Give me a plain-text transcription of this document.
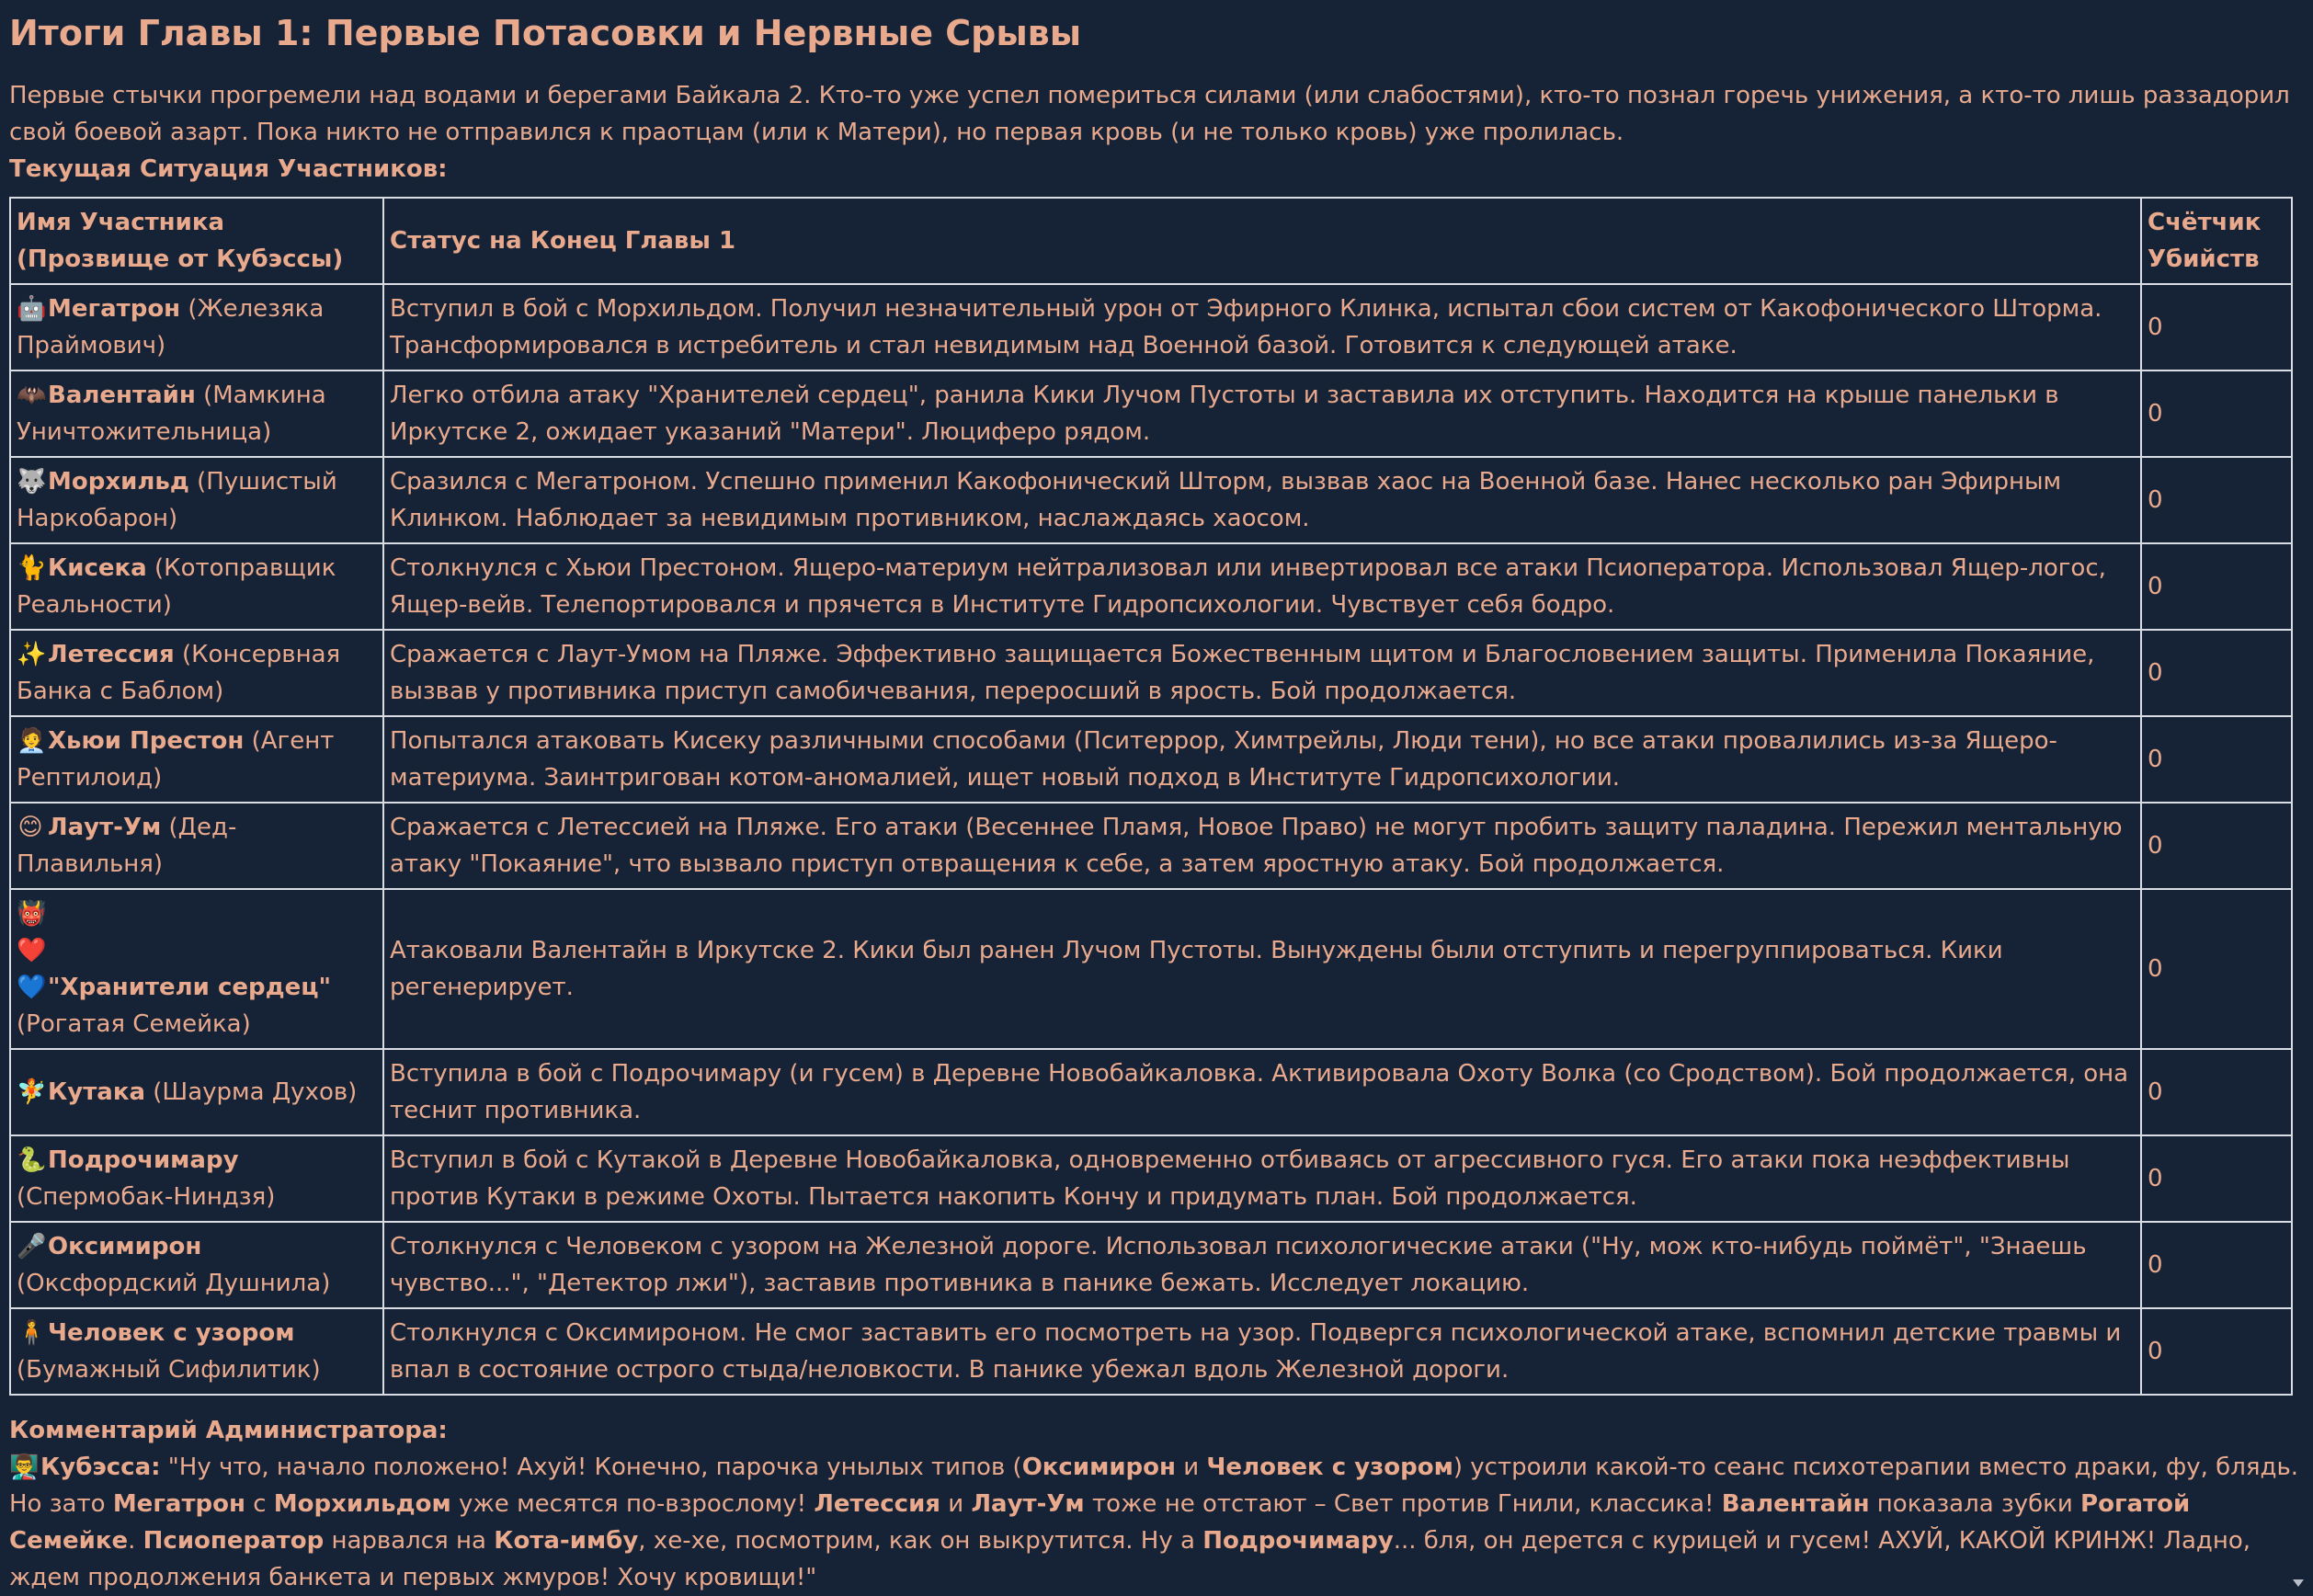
Итоги Главы 1: Первые Потасовки и Нервные Срывы

Первые стычки прогремели над водами и берегами Байкала 2. Кто-то уже успел помериться силами (или слабостями), кто-то познал горечь унижения, а кто-то лишь раззадорил свой боевой азарт. Пока никто не отправился к праотцам (или к Матери), но первая кровь (и не только кровь) уже пролилась.

Текущая Ситуация Участников:

Имя Участника (Прозвище от Кубэссы)	Статус на Конец Главы 1	Счётчик Убийств
🤖Мегатрон (Железяка Праймович)	Вступил в бой с Морхильдом. Получил незначительный урон от Эфирного Клинка, испытал сбои систем от Какофонического Шторма. Трансформировался в истребитель и стал невидимым над Военной базой. Готовится к следующей атаке.	0
🦇Валентайн (Мамкина Уничтожительница)	Легко отбила атаку "Хранителей сердец", ранила Кики Лучом Пустоты и заставила их отступить. Находится на крыше панельки в Иркутске 2, ожидает указаний "Матери". Люциферо рядом.	0
🐺Морхильд (Пушистый Наркобарон)	Сразился с Мегатроном. Успешно применил Какофонический Шторм, вызвав хаос на Военной базе. Нанес несколько ран Эфирным Клинком. Наблюдает за невидимым противником, наслаждаясь хаосом.	0
🐈Кисека (Котоправщик Реальности)	Столкнулся с Хьюи Престоном. Ящеро-материум нейтрализовал или инвертировал все атаки Псиоператора. Использовал Ящер-логос, Ящер-вейв. Телепортировался и прячется в Институте Гидропсихологии. Чувствует себя бодро.	0
✨Летессия (Консервная Банка с Баблом)	Сражается с Лаут-Умом на Пляже. Эффективно защищается Божественным щитом и Благословением защиты. Применила Покаяние, вызвав у противника приступ самобичевания, переросший в ярость. Бой продолжается.	0
🧑‍💼Хьюи Престон (Агент Рептилоид)	Попытался атаковать Кисеку различными способами (Пситеррор, Химтрейлы, Люди тени), но все атаки провалились из-за Ящеро-материума. Заинтригован котом-аномалией, ищет новый подход в Институте Гидропсихологии.	0
😊 Лаут-Ум (Дед-Плавильня)	Сражается с Летессией на Пляже. Его атаки (Весеннее Пламя, Новое Право) не могут пробить защиту паладина. Пережил ментальную атаку "Покаяние", что вызвало приступ отвращения к себе, а затем яростную атаку. Бой продолжается.	0
👹❤️💙"Хранители сердец" (Рогатая Семейка)	Атаковали Валентайн в Иркутске 2. Кики был ранен Лучом Пустоты. Вынуждены были отступить и перегруппироваться. Кики регенерирует.	0
🧚Кутака (Шаурма Духов)	Вступила в бой с Подрочимару (и гусем) в Деревне Новобайкаловка. Активировала Охоту Волка (со Сродством). Бой продолжается, она теснит противника.	0
🐍Подрочимару (Спермобак-Ниндзя)	Вступил в бой с Кутакой в Деревне Новобайкаловка, одновременно отбиваясь от агрессивного гуся. Его атаки пока неэффективны против Кутаки в режиме Охоты. Пытается накопить Кончу и придумать план. Бой продолжается.	0
🎤Оксимирон (Оксфордский Душнила)	Столкнулся с Человеком с узором на Железной дороге. Использовал психологические атаки ("Ну, мож кто-нибудь поймёт", "Знаешь чувство...", "Детектор лжи"), заставив противника в панике бежать. Исследует локацию.	0
🧍Человек с узором (Бумажный Сифилитик)	Столкнулся с Оксимироном. Не смог заставить его посмотреть на узор. Подвергся психологической атаке, вспомнил детские травмы и впал в состояние острого стыда/неловкости. В панике убежал вдоль Железной дороги.	0

Комментарий Администратора:

👨‍🏫Кубэсса: "Ну что, начало положено! Ахуй! Конечно, парочка унылых типов (Оксимирон и Человек с узором) устроили какой-то сеанс психотерапии вместо драки, фу, блядь. Но зато Мегатрон с Морхильдом уже месятся по-взрослому! Летессия и Лаут-Ум тоже не отстают – Свет против Гнили, классика! Валентайн показала зубки Рогатой Семейке. Псиоператор нарвался на Кота-имбу, хе-хе, посмотрим, как он выкрутится. Ну а Подрочимару... бля, он дерется с курицей и гусем! АХУЙ, КАКОЙ КРИНЖ! Ладно, ждем продолжения банкета и первых жмуров! Хочу кровищи!"
